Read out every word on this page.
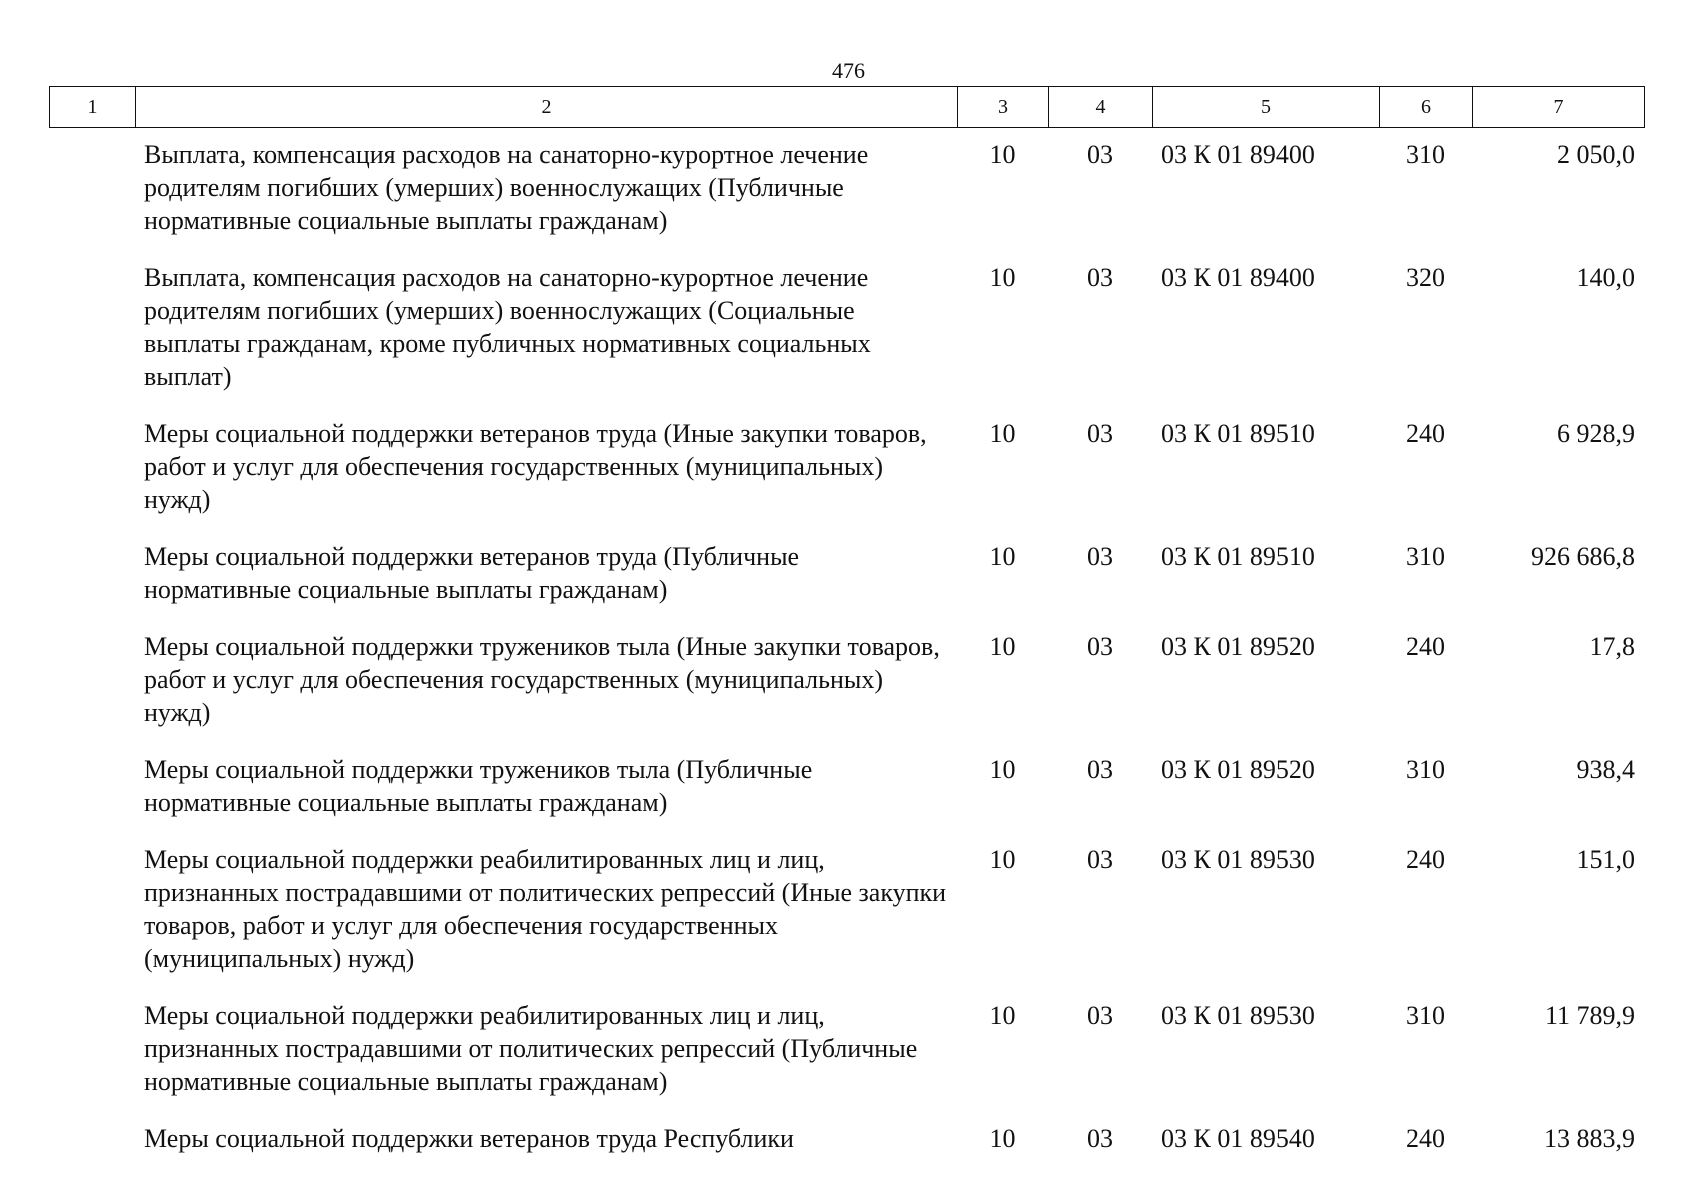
476
1	2	3	4	5	6	7
	Выплата, компенсация расходов на санаторно-курортное лечение родителям погибших (умерших) военнослужащих (Публичные нормативные социальные выплаты гражданам)	10	03	03 К 01 89400	310	2 050,0
	Выплата, компенсация расходов на санаторно-курортное лечение родителям погибших (умерших) военнослужащих (Социальные выплаты гражданам, кроме публичных нормативных социальных выплат)	10	03	03 К 01 89400	320	140,0
	Меры социальной поддержки ветеранов труда (Иные закупки товаров, работ и услуг для обеспечения государственных (муниципальных) нужд)	10	03	03 К 01 89510	240	6 928,9
	Меры социальной поддержки ветеранов труда (Публичные нормативные социальные выплаты гражданам)	10	03	03 К 01 89510	310	926 686,8
	Меры социальной поддержки тружеников тыла (Иные закупки товаров, работ и услуг для обеспечения государственных (муниципальных) нужд)	10	03	03 К 01 89520	240	17,8
	Меры социальной поддержки тружеников тыла (Публичные нормативные социальные выплаты гражданам)	10	03	03 К 01 89520	310	938,4
	Меры социальной поддержки реабилитированных лиц и лиц, признанных пострадавшими от политических репрессий (Иные закупки товаров, работ и услуг для обеспечения государственных (муниципальных) нужд)	10	03	03 К 01 89530	240	151,0
	Меры социальной поддержки реабилитированных лиц и лиц, признанных пострадавшими от политических репрессий (Публичные нормативные социальные выплаты гражданам)	10	03	03 К 01 89530	310	11 789,9
	Меры социальной поддержки ветеранов труда Республики	10	03	03 К 01 89540	240	13 883,9
